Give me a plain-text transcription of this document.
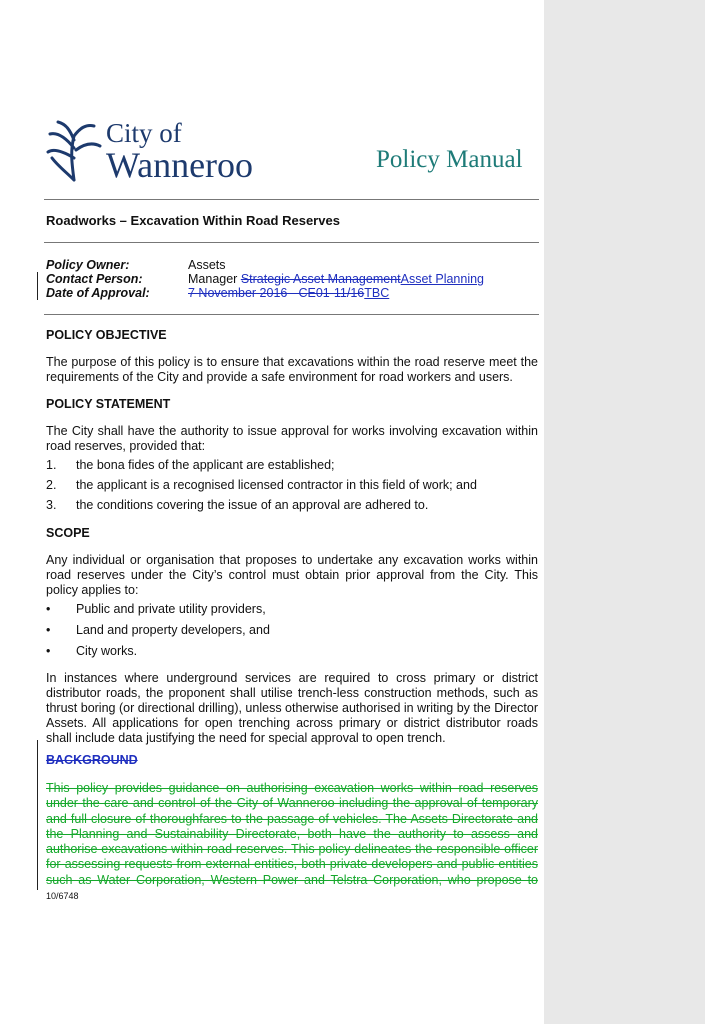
City of
Wanneroo	Policy Manual
Roadworks – Excavation Within Road Reserves
Policy Owner:	Assets
Contact Person:	Manager Strategic Asset ManagementAsset Planning
Date of Approval:	7 November 2016 - CE01-11/16TBC
POLICY OBJECTIVE
The purpose of this policy is to ensure that excavations within the road reserve meet the requirements of the City and provide a safe environment for road workers and users.
POLICY STATEMENT
The City shall have the authority to issue approval for works involving excavation within road reserves, provided that:
1. the bona fides of the applicant are established;
2. the applicant is a recognised licensed contractor in this field of work; and
3. the conditions covering the issue of an approval are adhered to.
SCOPE
Any individual or organisation that proposes to undertake any excavation works within road reserves under the City’s control must obtain prior approval from the City. This policy applies to:
• Public and private utility providers,
• Land and property developers, and
• City works.
In instances where underground services are required to cross primary or district distributor roads, the proponent shall utilise trench-less construction methods, such as thrust boring (or directional drilling), unless otherwise authorised in writing by the Director Assets. All applications for open trenching across primary or district distributor roads shall include data justifying the need for special approval to open trench.
BACKGROUND
This policy provides guidance on authorising excavation works within road reserves under the care and control of the City of Wanneroo including the approval of temporary and full closure of thoroughfares to the passage of vehicles. The Assets Directorate and the Planning and Sustainability Directorate, both have the authority to assess and authorise excavations within road reserves. This policy delineates the responsible officer for assessing requests from external entities, both private developers and public entities such as Water Corporation, Western Power and Telstra Corporation, who propose to
10/6748
